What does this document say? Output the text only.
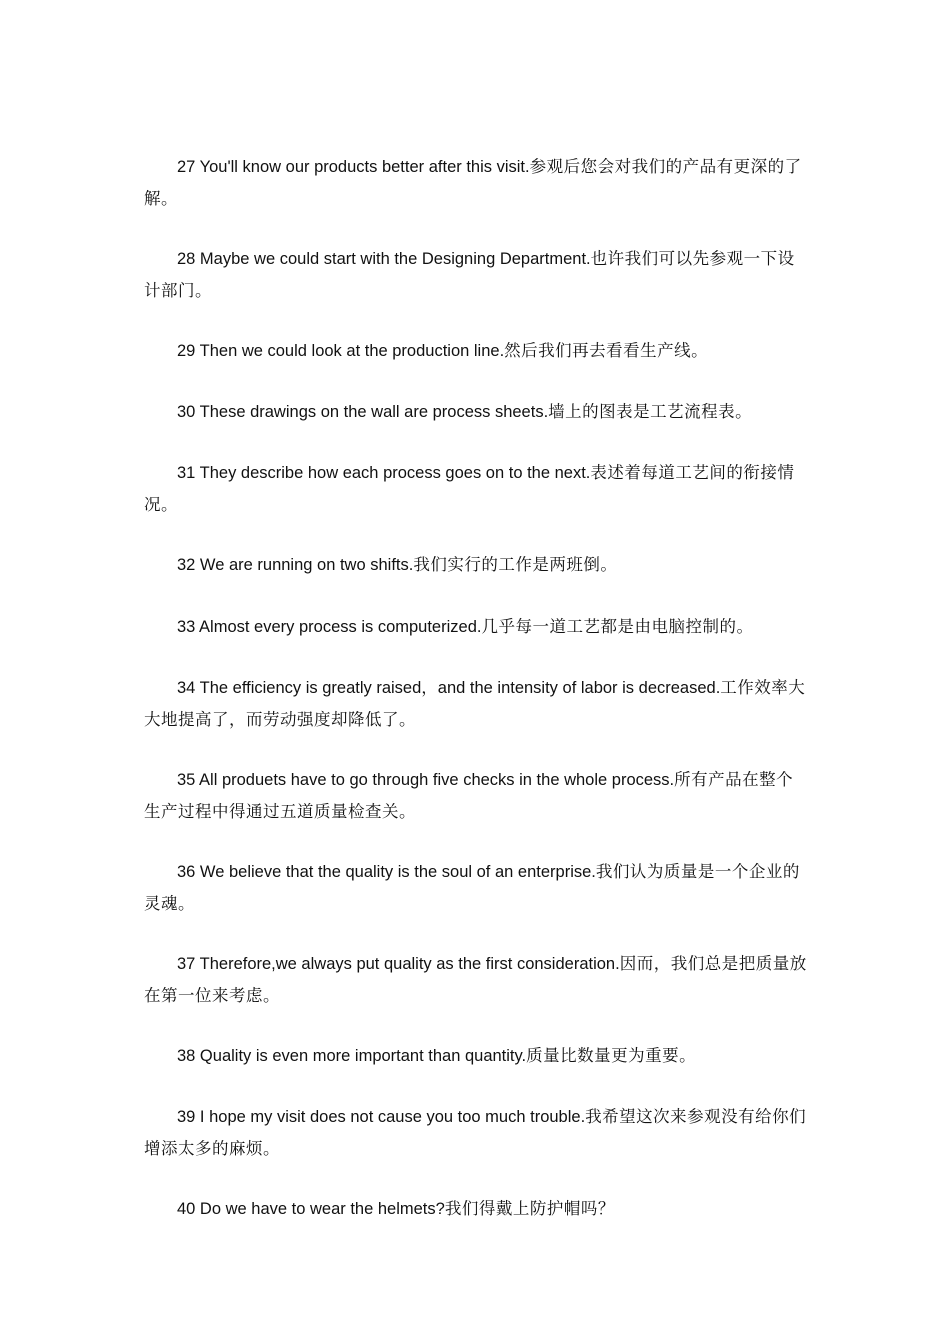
27 You'll know our products better after this visit.参观后您会对我们的产品有更深的了解。

28 Maybe we could start with the Designing Department.也许我们可以先参观一下设计部门。

29 Then we could look at the production line.然后我们再去看看生产线。

30 These drawings on the wall are process sheets.墙上的图表是工艺流程表。

31 They describe how each process goes on to the next.表述着每道工艺间的衔接情况。

32 We are running on two shifts.我们实行的工作是两班倒。

33 Almost every process is computerized.几乎每一道工艺都是由电脑控制的。

34 The efficiency is greatly raised，and the intensity of labor is decreased.工作效率大大地提高了，而劳动强度却降低了。

35 All produets have to go through five checks in the whole process.所有产品在整个生产过程中得通过五道质量检查关。

36 We believe that the quality is the soul of an enterprise.我们认为质量是一个企业的灵魂。

37 Therefore,we always put quality as the first consideration.因而，我们总是把质量放在第一位来考虑。

38 Quality is even more important than quantity.质量比数量更为重要。

39 I hope my visit does not cause you too much trouble.我希望这次来参观没有给你们增添太多的麻烦。

40 Do we have to wear the helmets?我们得戴上防护帽吗？
